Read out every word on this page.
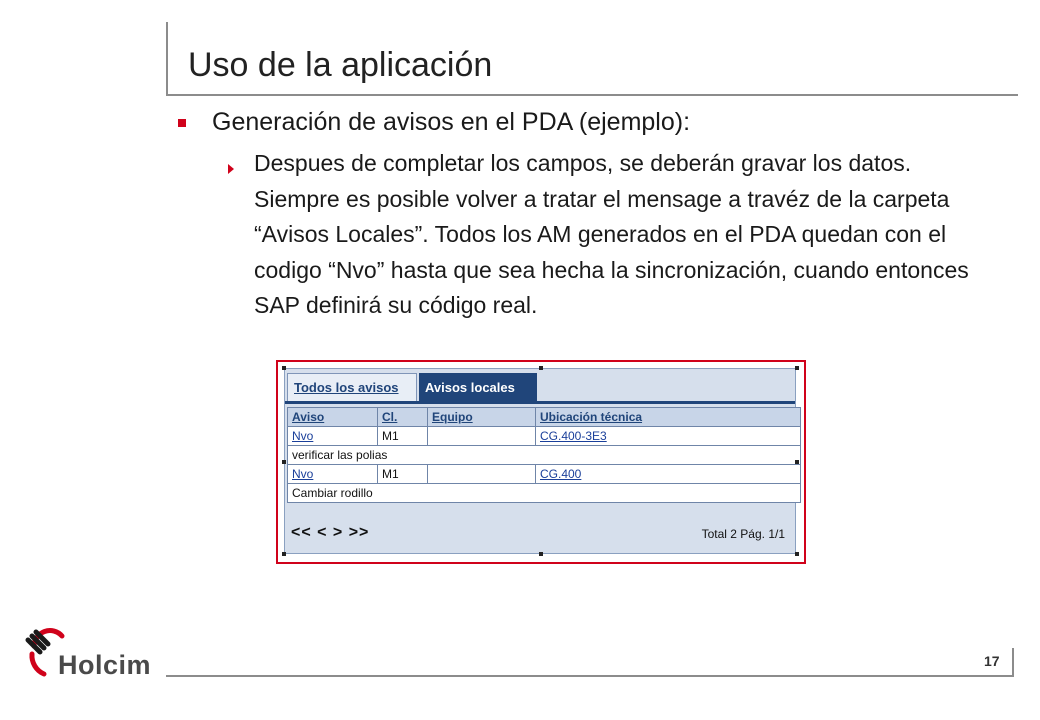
Uso de la aplicación
Generación de avisos en el PDA (ejemplo):
Despues de completar los campos, se deberán gravar los datos. Siempre es posible volver a tratar el mensage a travéz de la carpeta “Avisos Locales”. Todos los AM generados en el PDA quedan con el codigo “Nvo” hasta que sea hecha la sincronización, cuando entonces SAP definirá su código real.
Todos los avisos	Avisos locales
Aviso	Cl.	Equipo	Ubicación técnica
Nvo	M1		CG.400-3E3
verificar las polias			
Nvo	M1		CG.400
Cambiar rodillo			
<< < > >>	Total 2 Pág. 1/1
Holcim	17
